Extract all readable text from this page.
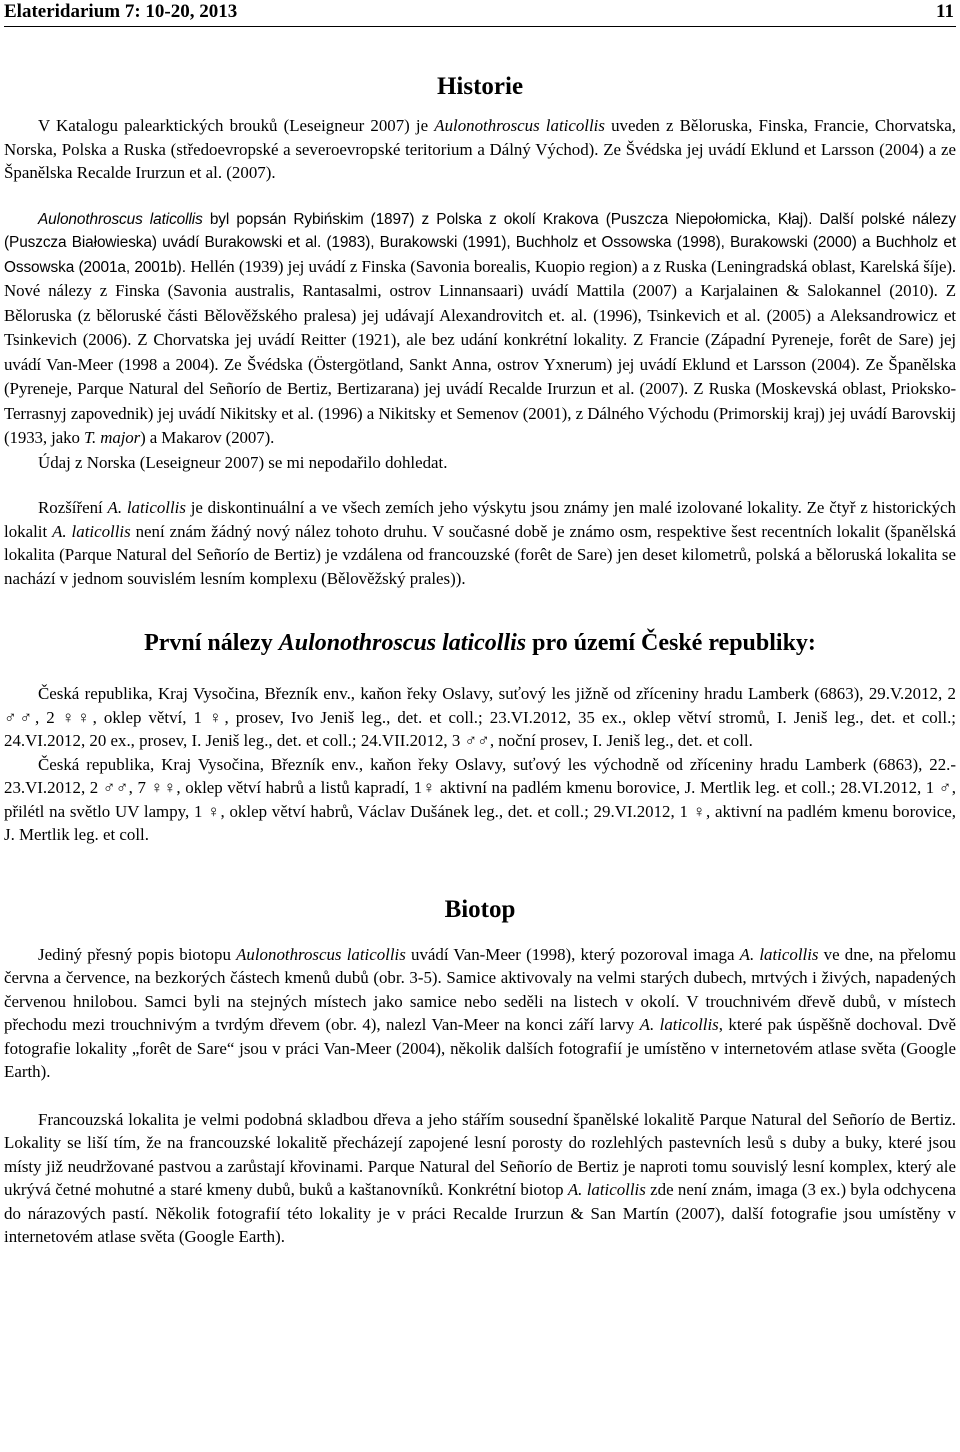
Elateridarium 7: 10-20, 2013	11
Historie

V Katalogu palearktických brouků (Leseigneur 2007) je Aulonothroscus laticollis uveden z Běloruska, Finska, Francie, Chorvatska, Norska, Polska a Ruska (středoevropské a severoevropské teritorium a Dálný Východ). Ze Švédska jej uvádí Eklund et Larsson (2004) a ze Španělska Recalde Irurzun et al. (2007).

Aulonothroscus laticollis byl popsán Rybińskim (1897) z Polska z okolí Krakova (Puszcza Niepołomicka, Kłaj). Další polské nálezy (Puszcza Białowieska) uvádí Burakowski et al. (1983), Burakowski (1991), Buchholz et Ossowska (1998), Burakowski (2000) a Buchholz et Ossowska (2001a, 2001b). Hellén (1939) jej uvádí z Finska (Savonia borealis, Kuopio region) a z Ruska (Leningradská oblast, Karelská šíje). Nové nálezy z Finska (Savonia australis, Rantasalmi, ostrov Linnansaari) uvádí Mattila (2007) a Karjalainen & Salokannel (2010). Z Běloruska (z běloruské části Bělověžského pralesa) jej udávají Alexandrovitch et. al. (1996), Tsinkevich et al. (2005) a Aleksandrowicz et Tsinkevich (2006). Z Chorvatska jej uvádí Reitter (1921), ale bez udání konkrétní lokality. Z Francie (Západní Pyreneje, forêt de Sare) jej uvádí Van-Meer (1998 a 2004). Ze Švédska (Östergötland, Sankt Anna, ostrov Yxnerum) jej uvádí Eklund et Larsson (2004). Ze Španělska (Pyreneje, Parque Natural del Señorío de Bertiz, Bertizarana) jej uvádí Recalde Irurzun et al. (2007). Z Ruska (Moskevská oblast, Prioksko-Terrasnyj zapovednik) jej uvádí Nikitsky et al. (1996) a Nikitsky et Semenov (2001), z Dálného Východu (Primorskij kraj) jej uvádí Barovskij (1933, jako T. major) a Makarov (2007).

Údaj z Norska (Leseigneur 2007) se mi nepodařilo dohledat.

Rozšíření A. laticollis je diskontinuální a ve všech zemích jeho výskytu jsou známy jen malé izolované lokality. Ze čtyř z historických lokalit A. laticollis není znám žádný nový nález tohoto druhu. V současné době je známo osm, respektive šest recentních lokalit (španělská lokalita (Parque Natural del Señorío de Bertiz) je vzdálena od francouzské (forêt de Sare) jen deset kilometrů, polská a běloruská lokalita se nachází v jednom souvislém lesním komplexu (Bělověžský prales)).

První nálezy Aulonothroscus laticollis pro území České republiky:

Česká republika, Kraj Vysočina, Březník env., kaňon řeky Oslavy, suťový les jižně od zříceniny hradu Lamberk (6863), 29.V.2012, 2 ♂♂, 2 ♀♀, oklep větví, 1 ♀, prosev, Ivo Jeniš leg., det. et coll.; 23.VI.2012, 35 ex., oklep větví stromů, I. Jeniš leg., det. et coll.; 24.VI.2012, 20 ex., prosev, I. Jeniš leg., det. et coll.; 24.VII.2012, 3 ♂♂, noční prosev, I. Jeniš leg., det. et coll.

Česká republika, Kraj Vysočina, Březník env., kaňon řeky Oslavy, suťový les východně od zříceniny hradu Lamberk (6863), 22.- 23.VI.2012, 2 ♂♂, 7 ♀♀, oklep větví habrů a listů kapradí, 1♀ aktivní na padlém kmenu borovice, J. Mertlik leg. et coll.; 28.VI.2012, 1 ♂, přilétl na světlo UV lampy, 1 ♀, oklep větví habrů, Václav Dušánek leg., det. et coll.; 29.VI.2012, 1 ♀, aktivní na padlém kmenu borovice, J. Mertlik leg. et coll.

Biotop

Jediný přesný popis biotopu Aulonothroscus laticollis uvádí Van-Meer (1998), který pozoroval imaga A. laticollis ve dne, na přelomu června a července, na bezkorých částech kmenů dubů (obr. 3-5). Samice aktivovaly na velmi starých dubech, mrtvých i živých, napadených červenou hnilobou. Samci byli na stejných místech jako samice nebo seděli na listech v okolí. V trouchnivém dřevě dubů, v místech přechodu mezi trouchnivým a tvrdým dřevem (obr. 4), nalezl Van-Meer na konci září larvy A. laticollis, které pak úspěšně dochoval. Dvě fotografie lokality „forêt de Sare“ jsou v práci Van-Meer (2004), několik dalších fotografií je umístěno v internetovém atlase světa (Google Earth).

Francouzská lokalita je velmi podobná skladbou dřeva a jeho stářím sousední španělské lokalitě Parque Natural del Señorío de Bertiz. Lokality se liší tím, že na francouzské lokalitě přecházejí zapojené lesní porosty do rozlehlých pastevních lesů s duby a buky, které jsou místy již neudržované pastvou a zarůstají křovinami. Parque Natural del Señorío de Bertiz je naproti tomu souvislý lesní komplex, který ale ukrývá četné mohutné a staré kmeny dubů, buků a kaštanovníků. Konkrétní biotop A. laticollis zde není znám, imaga (3 ex.) byla odchycena do nárazových pastí. Několik fotografií této lokality je v práci Recalde Irurzun & San Martín (2007), další fotografie jsou umístěny v internetovém atlase světa (Google Earth).
